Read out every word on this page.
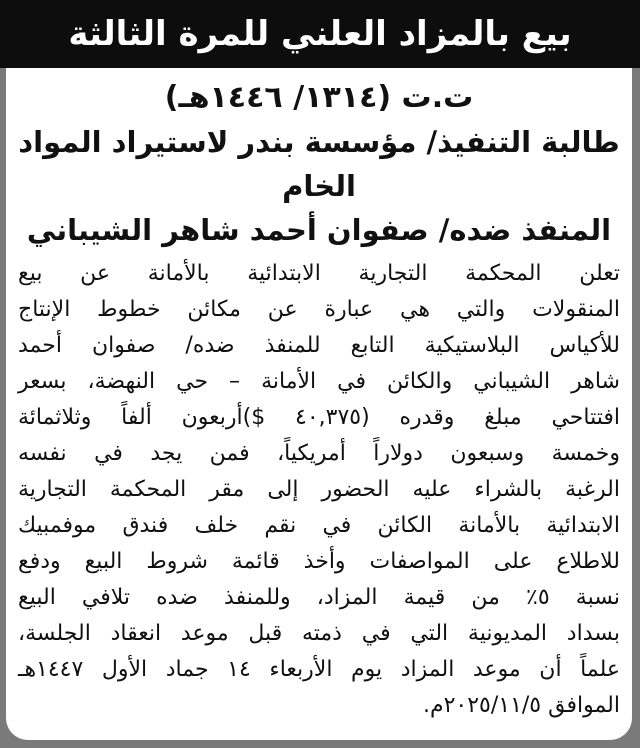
بيع بالمزاد العلني للمرة الثالثة
ت.ت (١٣١٤/ ١٤٤٦هـ)
طالبة التنفيذ/ مؤسسة بندر لاستيراد المواد الخام
المنفذ ضده/ صفوان أحمد شاهر الشيباني
تعلن المحكمة التجارية الابتدائية بالأمانة عن بيع
المنقولات والتي هي عبارة عن مكائن خطوط الإنتاج
للأكياس البلاستيكية التابع للمنفذ ضده/ صفوان أحمد
شاهر الشيباني والكائن في الأمانة – حي النهضة، بسعر
افتتاحي مبلغ وقدره (٤٠,٣٧٥ $)أربعون ألفاً وثلاثمائة
وخمسة وسبعون دولاراً أمريكياً، فمن يجد في نفسه
الرغبة بالشراء عليه الحضور إلى مقر المحكمة التجارية
الابتدائية بالأمانة الكائن في نقم خلف فندق موفمبيك
للاطلاع على المواصفات وأخذ قائمة شروط البيع ودفع
نسبة ٥٪ من قيمة المزاد، وللمنفذ ضده تلافي البيع
بسداد المديونية التي في ذمته قبل موعد انعقاد الجلسة،
علماً أن موعد المزاد يوم الأربعاء ١٤ جماد الأول ١٤٤٧هـ
الموافق ٢٠٢٥/١١/٥م.
